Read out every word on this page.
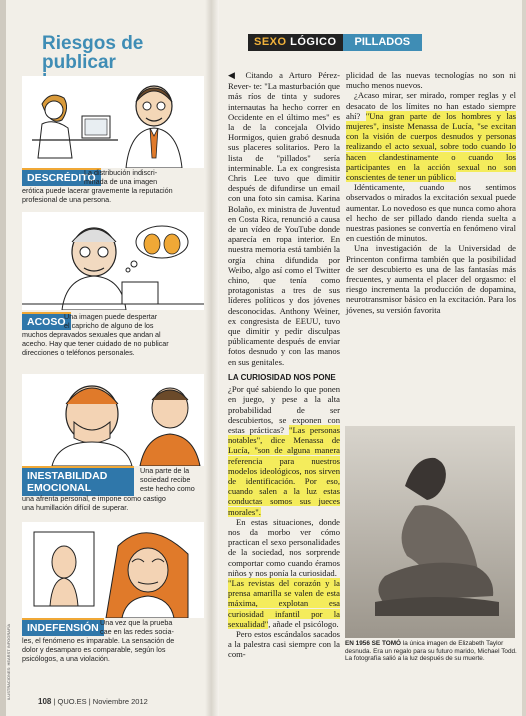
Riesgos de publicar
DESCRÉDITO
La distribución indiscri-
minada de una imagen
erótica puede lacerar gravemente la reputación
profesional de una persona.
ACOSO
Una imagen puede despertar
el capricho de alguno de los
muchos depravados sexuales que andan al
acecho. Hay que tener cuidado de no publicar
direcciones o teléfonos personales.
INESTABILIDAD
EMOCIONAL
Una parte de la
sociedad recibe
este hecho como
una afrenta personal, e impone como castigo
una humillación difícil de superar.
INDEFENSIÓN Una vez que la prueba
cae en las redes socia-
les, el fenómeno es imparable. La sensación de
dolor y desamparo es comparable, según los
psicólogos, a una violación.
ILUSTRACIONES: HEARST INFOGRAFÍA
108 | QUO.ES | Noviembre 2012
SEXO LÓGICO	PILLADOS

◀ Citando a Arturo Pérez-Rever- te: "La masturbación que más ríos de tinta y sudores internautas ha hecho correr en Occidente en el último mes" es la de la concejala Olvido Hormigos, quien grabó desnuda sus placeres solitarios. Pero la lista de "pillados" sería interminable. La ex congresista Chris Lee tuvo que dimitir después de difundirse un email con una foto sin camisa. Karina Bolaño, ex ministra de Juventud en Costa Rica, renunció a causa de un vídeo de YouTube donde aparecía en ropa interior. En nuestra memoria está también la orgía china difundida por Weibo, algo así como el Twitter chino, que tenía como protagonistas a tres de sus líderes políticos y dos jóvenes desconocidas. Anthony Weiner, ex congresista de EEUU, tuvo que dimitir y pedir disculpas públicamente después de enviar fotos desnudo y con las manos en sus genitales.

LA CURIOSIDAD NOS PONE

¿Por qué sabiendo lo que ponen en juego, y pese a la alta probabilidad de ser descubiertos, se exponen con estas prácticas? "Las personas notables", dice Menassa de Lucía, "son de alguna manera referencia para nuestros modelos ideológicos, nos sirven de identificación. Por eso, cuando salen a la luz estas conductas somos sus jueces morales".

En estas situaciones, donde nos da morbo ver cómo practican el sexo personalidades de la sociedad, nos sorprende comportar como cuando éramos niños y nos ponía la curiosidad.

"Las revistas del corazón y la prensa amarilla se valen de esta máxima, explotan esa curiosidad infantil por la sexualidad", añade el psicólogo.

Pero estos escándalos sacados a la palestra casi siempre con la com-

plicidad de las nuevas tecnologías no son ni mucho menos nuevos.

¿Acaso mirar, ser mirado, romper reglas y el desacato de los límites no han estado siempre ahí? "Una gran parte de los hombres y las mujeres", insiste Menassa de Lucía, "se excitan con la visión de cuerpos desnudos y personas realizando el acto sexual, sobre todo cuando lo hacen clandestinamente o cuando los participantes en la acción sexual no son conscientes de tener un público.

Idénticamente, cuando nos sentimos observados o mirados la excitación sexual puede aumentar. Lo novedoso es que nunca como ahora el hecho de ser pillado dando rienda suelta a nuestras pasiones se convertía en fenómeno viral en cuestión de minutos.

Una investigación de la Universidad de Princenton confirma también que la posibilidad de ser descubierto es una de las fantasías más frecuentes, y aumenta el placer del orgasmo: el riesgo incrementa la producción de dopamina, neurotransmisor básico en la excitación. Para los jóvenes, su versión favorita

EN 1956 SE TOMÓ la única imagen de Elizabeth Taylor desnuda. Era un regalo para su futuro marido, Michael Todd. La fotografía salió a la luz después de su muerte.
